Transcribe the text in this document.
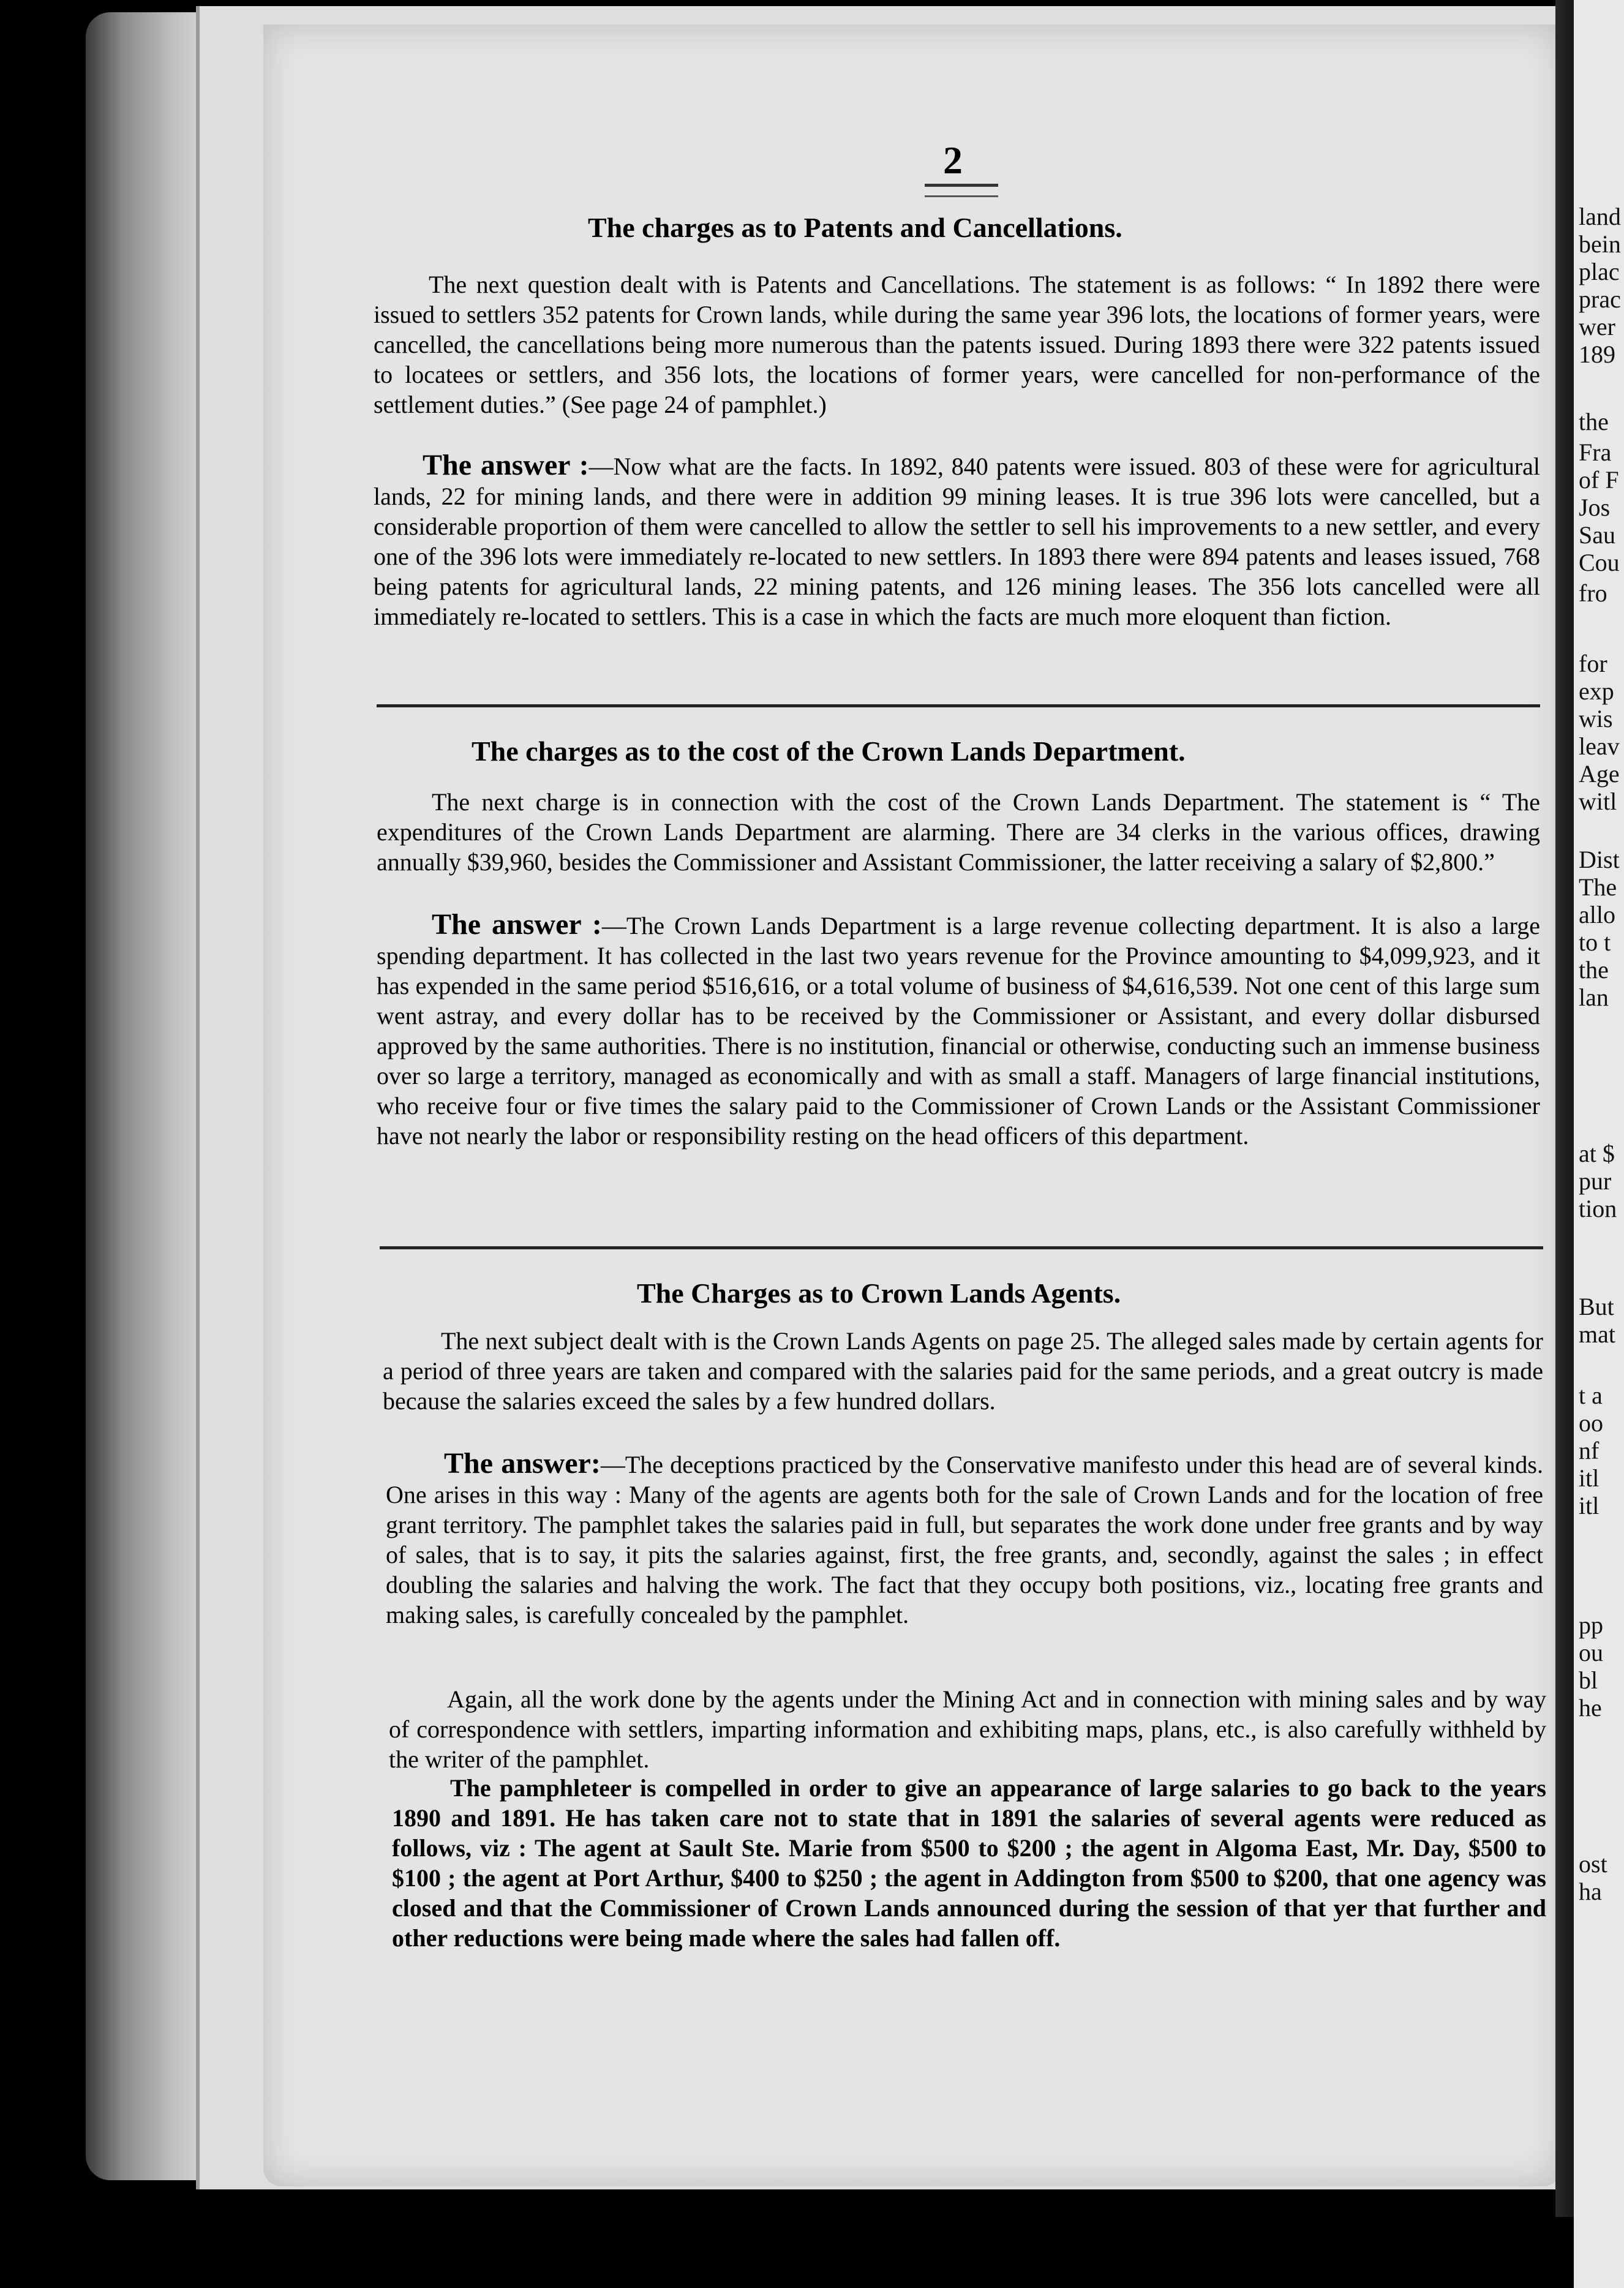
land
bein
plac
prac
wer
189
the
Fra
of F
Jos
Sau
Cou
fro
for
exp
wis
leav
Age
witl
Dist
The
allo
to t
the
lan
at $
pur
tion
But
mat
t a
oo
nf
itl
itl
pp
ou
bl
he
ost
ha
2
The charges as to Patents and Cancellations.
The next question dealt with is Patents and Cancellations. The statement is as follows: “ In 1892 there were issued to settlers 352 patents for Crown lands, while during the same year 396 lots, the locations of former years, were cancelled, the cancellations being more numerous than the patents issued. During 1893 there were 322 patents issued to locatees or settlers, and 356 lots, the locations of former years, were cancelled for non-performance of the settlement duties.” (See page 24 of pamphlet.)
The answer :—Now what are the facts. In 1892, 840 patents were issued. 803 of these were for agricultural lands, 22 for mining lands, and there were in addition 99 mining leases. It is true 396 lots were cancelled, but a considerable proportion of them were cancelled to allow the settler to sell his improvements to a new settler, and every one of the 396 lots were immediately re-located to new settlers. In 1893 there were 894 patents and leases issued, 768 being patents for agricultural lands, 22 mining patents, and 126 mining leases. The 356 lots cancelled were all immediately re-located to settlers. This is a case in which the facts are much more eloquent than fiction.
The charges as to the cost of the Crown Lands Department.
The next charge is in connection with the cost of the Crown Lands Department. The statement is “ The expenditures of the Crown Lands Department are alarming. There are 34 clerks in the various offices, drawing annually $39,960, besides the Commissioner and Assistant Commissioner, the latter receiving a salary of $2,800.”
The answer :—The Crown Lands Department is a large revenue collecting department. It is also a large spending department. It has collected in the last two years revenue for the Province amounting to $4,099,923, and it has expended in the same period $516,616, or a total volume of business of $4,616,539. Not one cent of this large sum went astray, and every dollar has to be received by the Commissioner or Assistant, and every dollar disbursed approved by the same authorities. There is no institution, financial or otherwise, conducting such an immense business over so large a territory, managed as economically and with as small a staff. Managers of large financial institutions, who receive four or five times the salary paid to the Commissioner of Crown Lands or the Assistant Commissioner have not nearly the labor or responsibility resting on the head officers of this department.
The Charges as to Crown Lands Agents.
The next subject dealt with is the Crown Lands Agents on page 25. The alleged sales made by certain agents for a period of three years are taken and compared with the salaries paid for the same periods, and a great outcry is made because the salaries exceed the sales by a few hundred dollars.
The answer:—The deceptions practiced by the Conservative manifesto under this head are of several kinds. One arises in this way : Many of the agents are agents both for the sale of Crown Lands and for the location of free grant territory. The pamphlet takes the salaries paid in full, but separates the work done under free grants and by way of sales, that is to say, it pits the salaries against, first, the free grants, and, secondly, against the sales ; in effect doubling the salaries and halving the work. The fact that they occupy both positions, viz., locating free grants and making sales, is carefully concealed by the pamphlet.
Again, all the work done by the agents under the Mining Act and in connection with mining sales and by way of correspondence with settlers, imparting information and exhibiting maps, plans, etc., is also carefully withheld by the writer of the pamphlet.
The pamphleteer is compelled in order to give an appearance of large salaries to go back to the years 1890 and 1891. He has taken care not to state that in 1891 the salaries of several agents were reduced as follows, viz : The agent at Sault Ste. Marie from $500 to $200 ; the agent in Algoma East, Mr. Day, $500 to $100 ; the agent at Port Arthur, $400 to $250 ; the agent in Addington from $500 to $200, that one agency was closed and that the Commissioner of Crown Lands announced during the session of that yer that further and other reductions were being made where the sales had fallen off.
